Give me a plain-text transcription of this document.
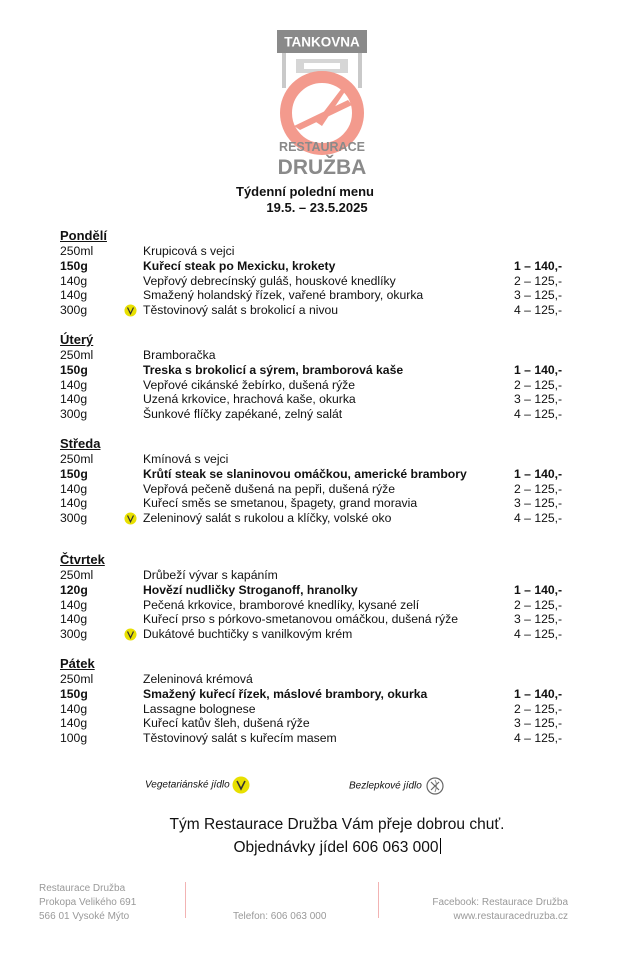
TANKOVNA
RESTAURACE
DRUŽBA
Týdenní polední menu
19.5. – 23.5.2025
Pondělí
250ml	Krupicová s vejci
150g	Kuřecí steak po Mexicku, krokety	1 – 140,-
140g	Vepřový debrecínský guláš, houskové knedlíky	2 – 125,-
140g	Smažený holandský řízek, vařené brambory, okurka	3 – 125,-
300g	Těstovinový salát s brokolicí a nivou	4 – 125,-
Úterý
250ml	Bramboračka
150g	Treska s brokolicí a sýrem, bramborová kaše	1 – 140,-
140g	Vepřové cikánské žebírko, dušená rýže	2 – 125,-
140g	Uzená krkovice, hrachová kaše, okurka	3 – 125,-
300g	Šunkové flíčky zapékané, zelný salát	4 – 125,-
Středa
250ml	Kmínová s vejci
150g	Krůtí steak se slaninovou omáčkou, americké brambory	1 – 140,-
140g	Vepřová pečeně dušená na pepři, dušená rýže	2 – 125,-
140g	Kuřecí směs se smetanou, špagety, grand moravia	3 – 125,-
300g	Zeleninový salát s rukolou a klíčky, volské oko	4 – 125,-
Čtvrtek
250ml	Drůbeží vývar s kapáním
120g	Hovězí nudličky Stroganoff, hranolky	1 – 140,-
140g	Pečená krkovice, bramborové knedlíky, kysané zelí	2 – 125,-
140g	Kuřecí prso s pórkovo-smetanovou omáčkou, dušená rýže	3 – 125,-
300g	Dukátové buchtičky s vanilkovým krém	4 – 125,-
Pátek
250ml	Zeleninová krémová
150g	Smažený kuřecí řízek, máslové brambory, okurka	1 – 140,-
140g	Lassagne bolognese	2 – 125,-
140g	Kuřecí katův šleh, dušená rýže	3 – 125,-
100g	Těstovinový salát s kuřecím masem	4 – 125,-
Vegetariánské jídlo	Bezlepkové jídlo
Tým Restaurace Družba Vám přeje dobrou chuť.
Objednávky jídel 606 063 000
Restaurace Družba
Prokopa Velikého 691
566 01 Vysoké Mýto	Telefon: 606 063 000
Facebook: Restaurace Družba
www.restauracedruzba.cz
